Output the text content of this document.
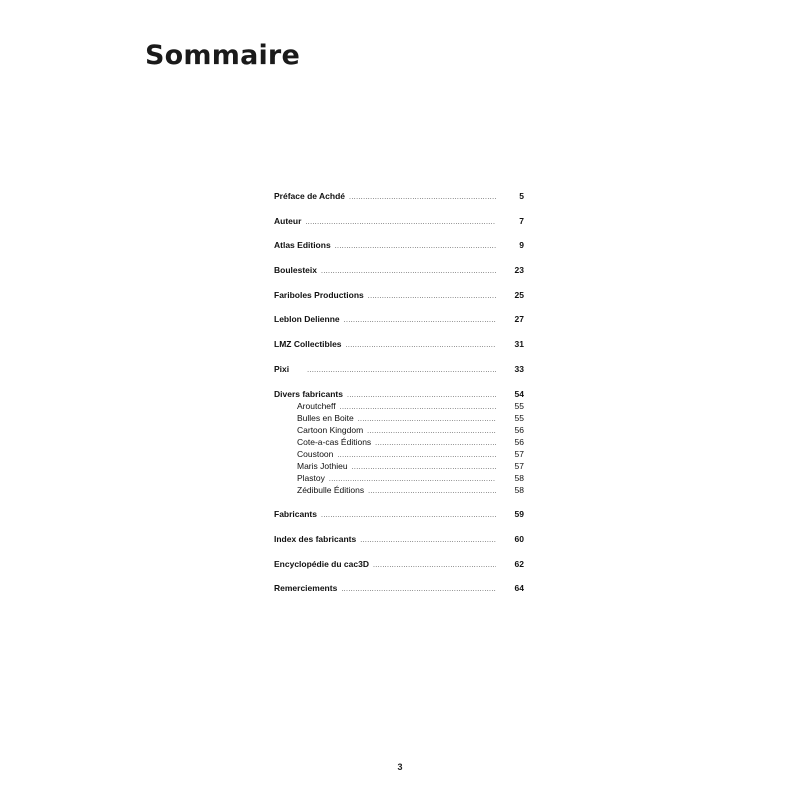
Sommaire
Préface de Achdé .....	5
Auteur .....	7
Atlas Editions .....	9
Boulesteix .....	23
Fariboles Productions .....	25
Leblon Delienne .....	27
LMZ Collectibles .....	31
Pixi .....	33
Divers fabricants .....	54
Aroutcheff .....	55
Bulles en Boite .....	55
Cartoon Kingdom .....	56
Cote-a-cas Éditions .....	56
Coustoon .....	57
Maris Jothieu .....	57
Plastoy .....	58
Zédibulle Éditions .....	58
Fabricants .....	59
Index des fabricants .....	60
Encyclopédie du cac3D .....	62
Remerciements .....	64
3
